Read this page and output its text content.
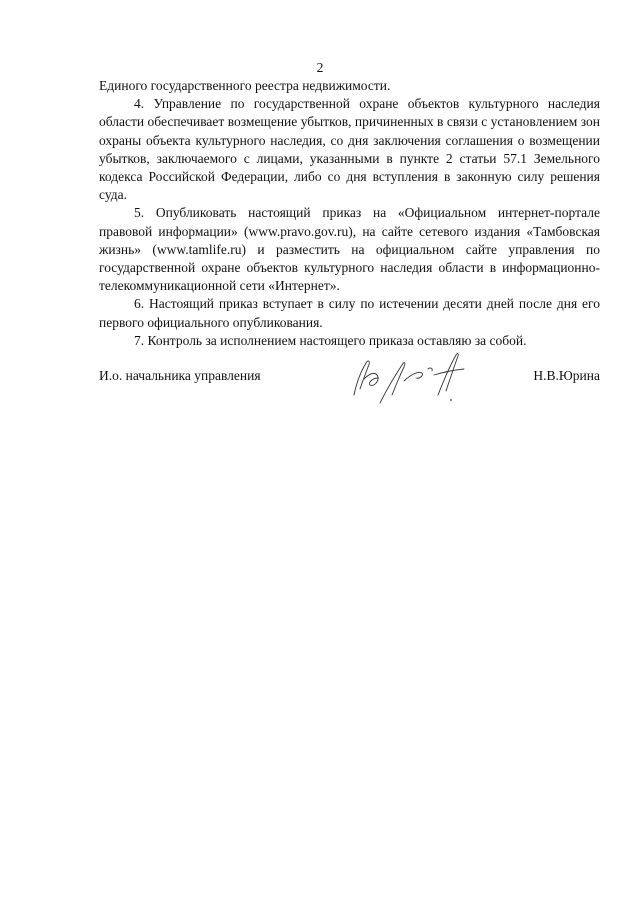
2

Единого государственного реестра недвижимости.

4. Управление по государственной охране объектов культурного наследия области обеспечивает возмещение убытков, причиненных в связи с установлением зон охраны объекта культурного наследия, со дня заключения соглашения о возмещении убытков, заключаемого с лицами, указанными в пункте 2 статьи 57.1 Земельного кодекса Российской Федерации, либо со дня вступления в законную силу решения суда.

5. Опубликовать настоящий приказ на «Официальном интернет-портале правовой информации» (www.pravo.gov.ru), на сайте сетевого издания «Тамбовская жизнь» (www.tamlife.ru) и разместить на официальном сайте управления по государственной охране объектов культурного наследия области в информационно-телекоммуникационной сети «Интернет».

6. Настоящий приказ вступает в силу по истечении десяти дней после дня его первого официального опубликования.

7. Контроль за исполнением настоящего приказа оставляю за собой.

И.о. начальника управления	Н.В.Юрина
